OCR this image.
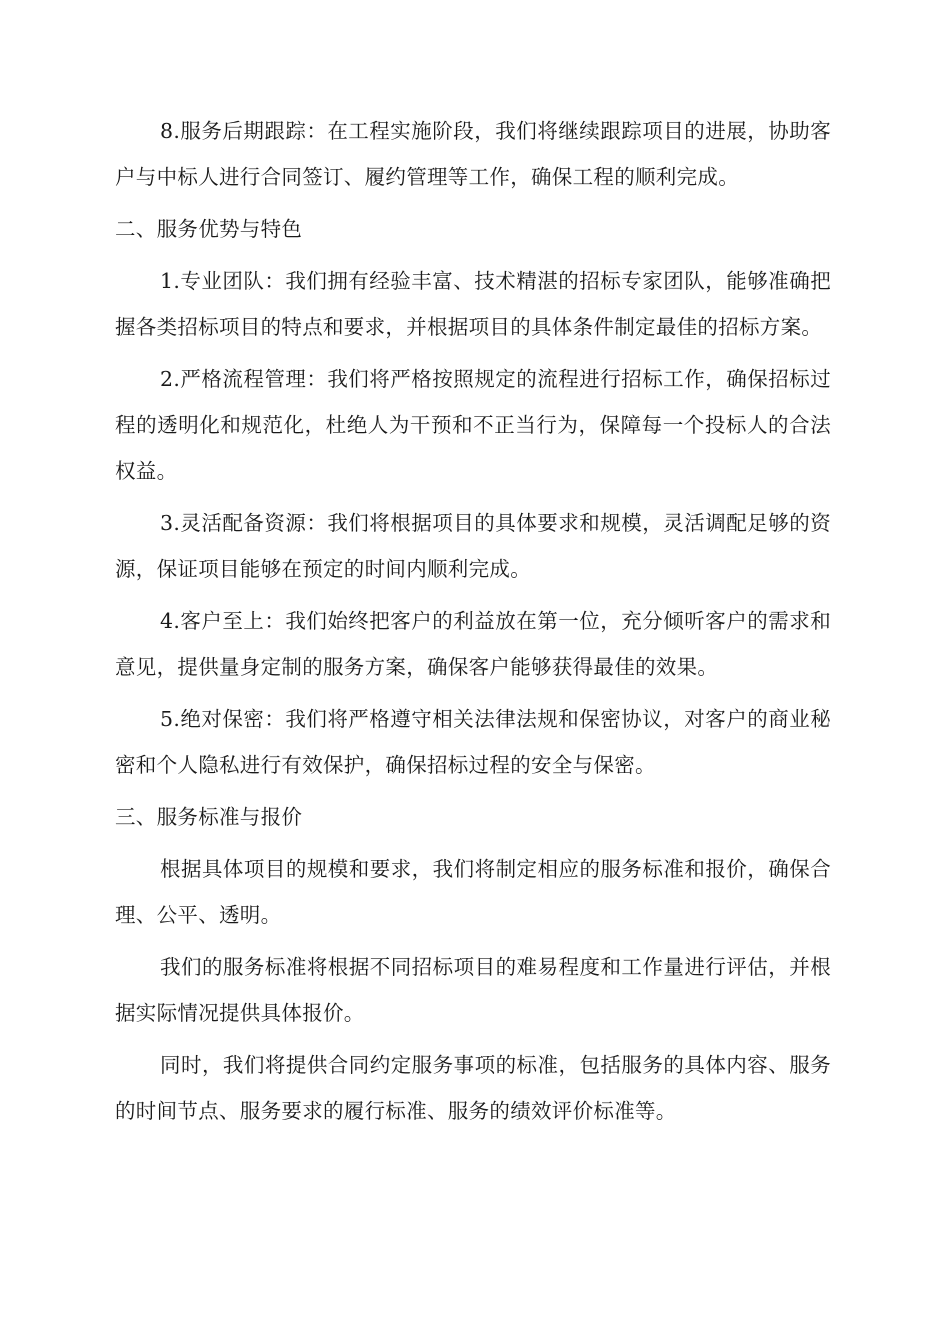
8.服务后期跟踪：在工程实施阶段，我们将继续跟踪项目的进展，协助客户与中标人进行合同签订、履约管理等工作，确保工程的顺利完成。

二、服务优势与特色

1.专业团队：我们拥有经验丰富、技术精湛的招标专家团队，能够准确把握各类招标项目的特点和要求，并根据项目的具体条件制定最佳的招标方案。

2.严格流程管理：我们将严格按照规定的流程进行招标工作，确保招标过程的透明化和规范化，杜绝人为干预和不正当行为，保障每一个投标人的合法权益。

3.灵活配备资源：我们将根据项目的具体要求和规模，灵活调配足够的资源，保证项目能够在预定的时间内顺利完成。

4.客户至上：我们始终把客户的利益放在第一位，充分倾听客户的需求和意见，提供量身定制的服务方案，确保客户能够获得最佳的效果。

5.绝对保密：我们将严格遵守相关法律法规和保密协议，对客户的商业秘密和个人隐私进行有效保护，确保招标过程的安全与保密。

三、服务标准与报价

根据具体项目的规模和要求，我们将制定相应的服务标准和报价，确保合理、公平、透明。

我们的服务标准将根据不同招标项目的难易程度和工作量进行评估，并根据实际情况提供具体报价。

同时，我们将提供合同约定服务事项的标准，包括服务的具体内容、服务的时间节点、服务要求的履行标准、服务的绩效评价标准等。
